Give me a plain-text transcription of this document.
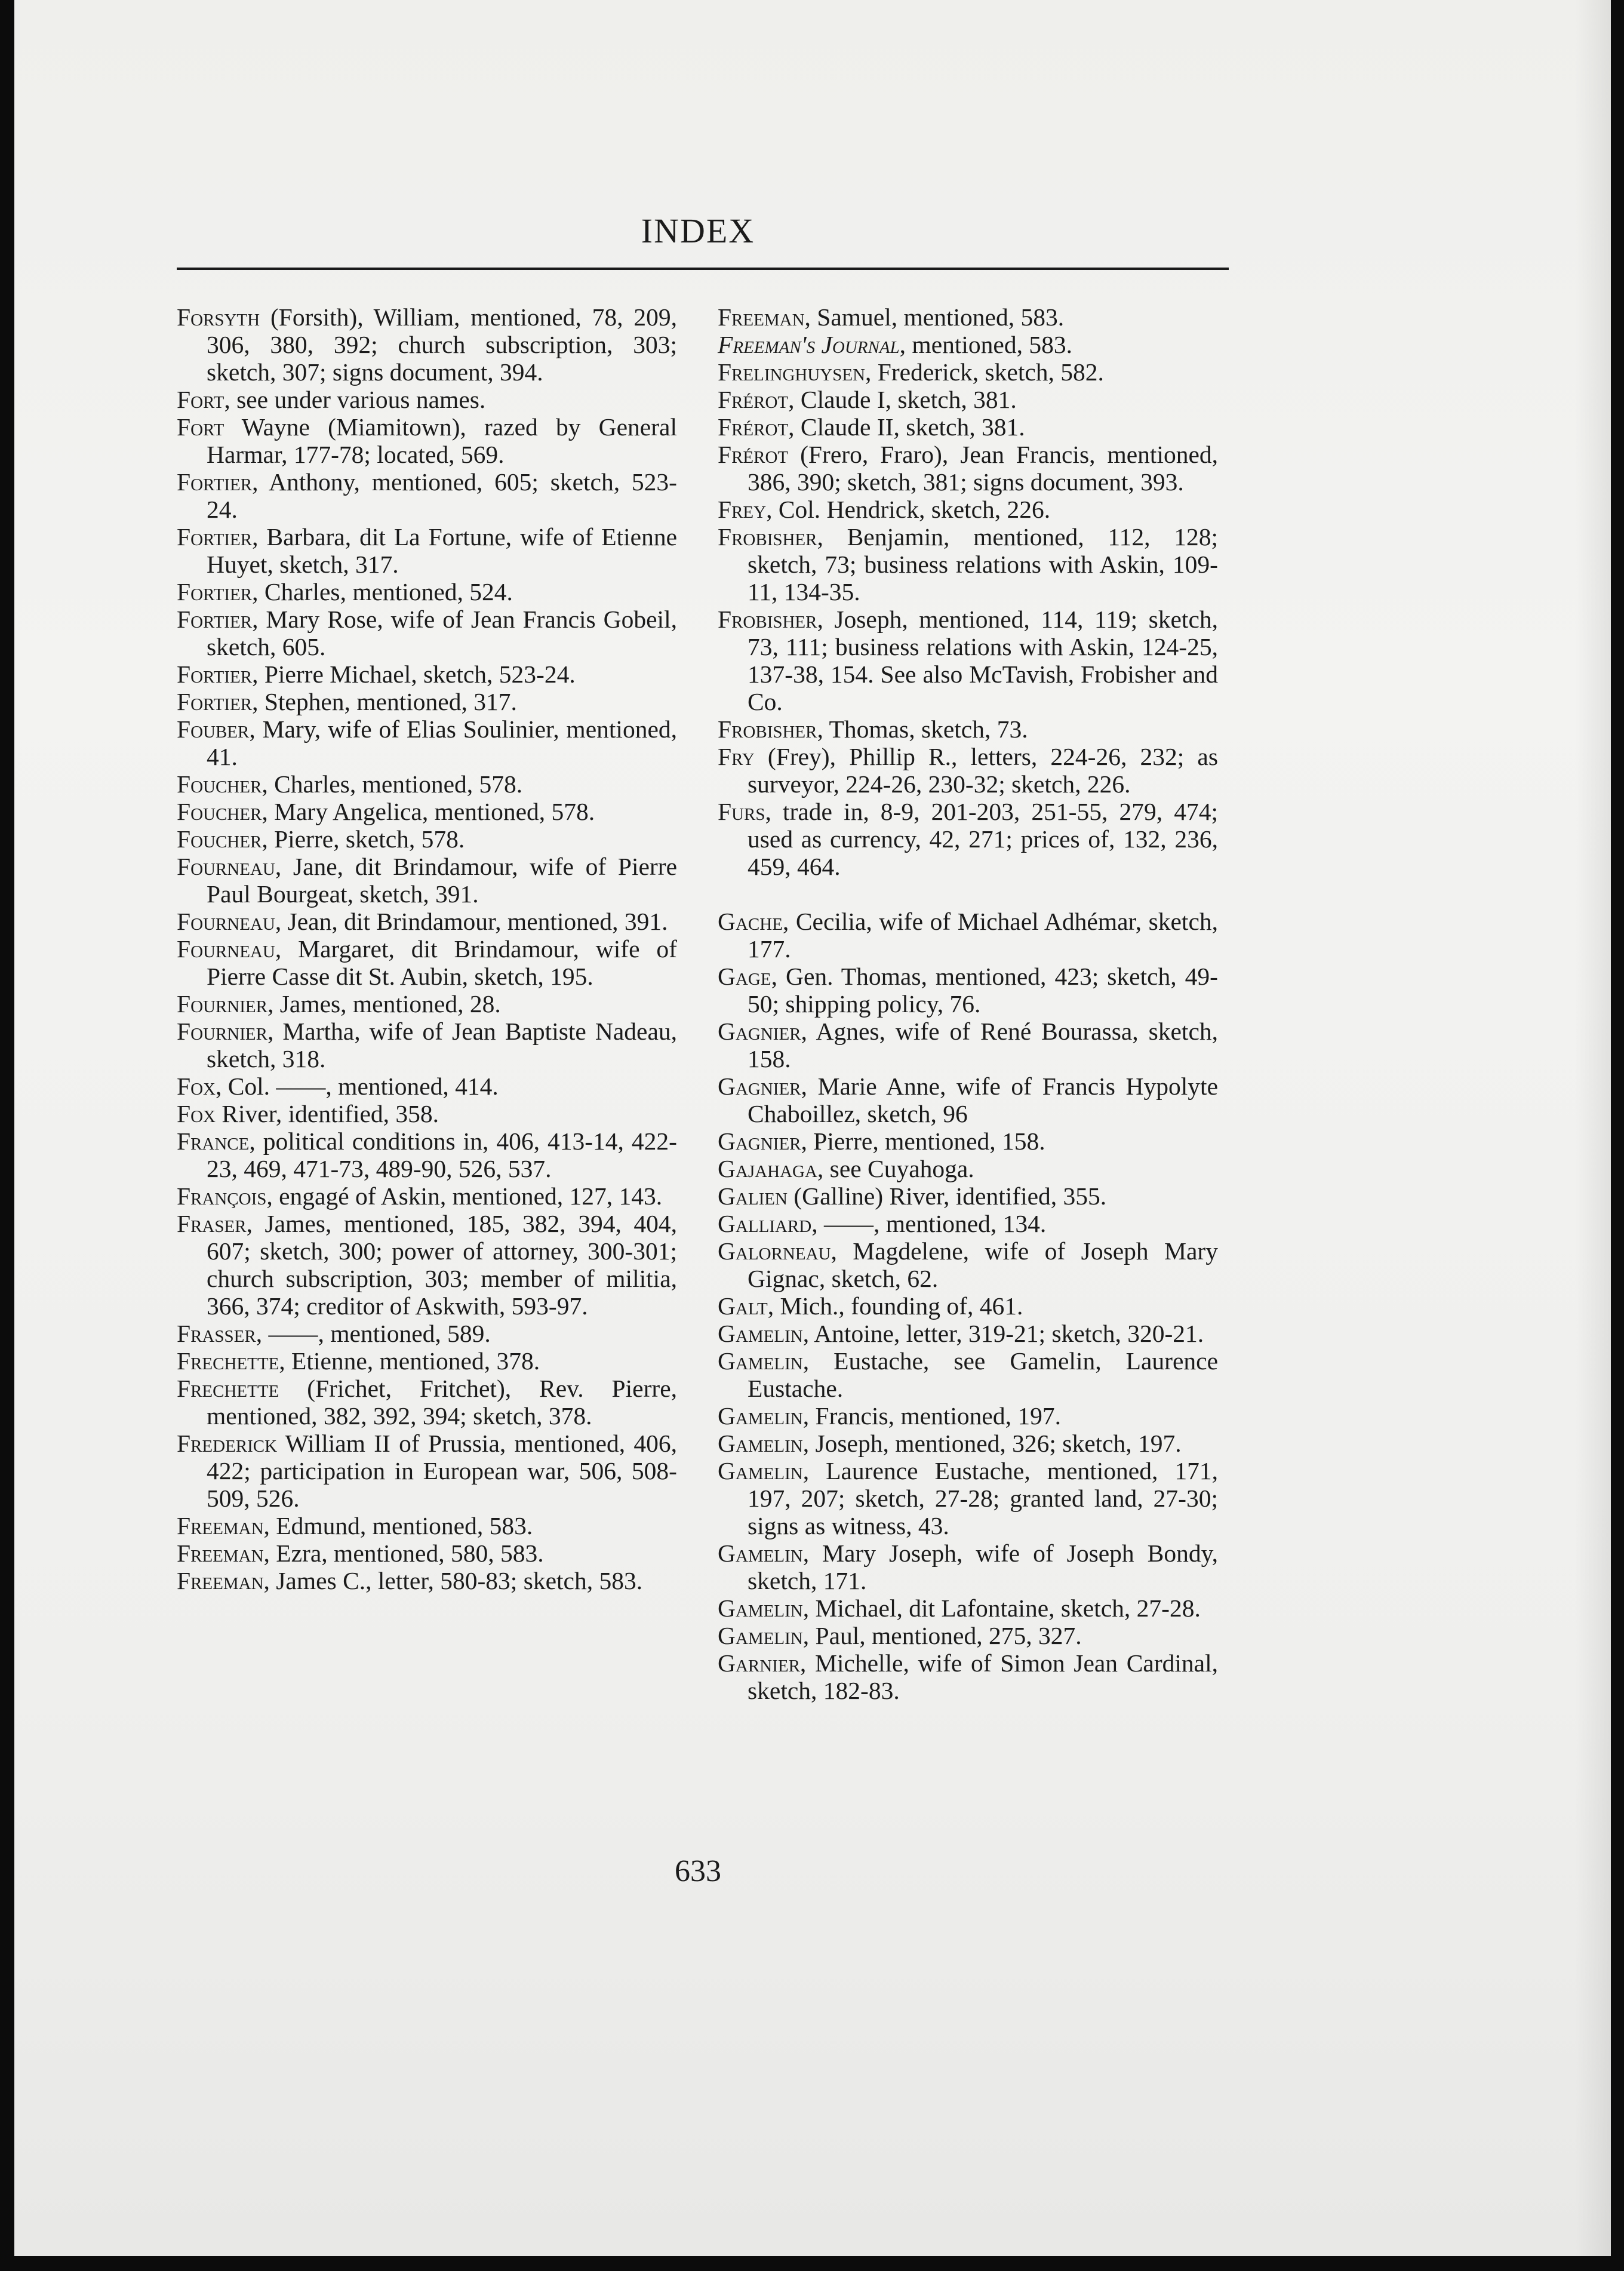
INDEX

Forsyth (Forsith), William, mentioned, 78, 209, 306, 380, 392; church subscription, 303; sketch, 307; signs document, 394.

Fort, see under various names.

Fort Wayne (Miamitown), razed by General Harmar, 177-78; located, 569.

Fortier, Anthony, mentioned, 605; sketch, 523-24.

Fortier, Barbara, dit La Fortune, wife of Etienne Huyet, sketch, 317.

Fortier, Charles, mentioned, 524.

Fortier, Mary Rose, wife of Jean Francis Gobeil, sketch, 605.

Fortier, Pierre Michael, sketch, 523-24.

Fortier, Stephen, mentioned, 317.

Fouber, Mary, wife of Elias Soulinier, mentioned, 41.

Foucher, Charles, mentioned, 578.

Foucher, Mary Angelica, mentioned, 578.

Foucher, Pierre, sketch, 578.

Fourneau, Jane, dit Brindamour, wife of Pierre Paul Bourgeat, sketch, 391.

Fourneau, Jean, dit Brindamour, mentioned, 391.

Fourneau, Margaret, dit Brindamour, wife of Pierre Casse dit St. Aubin, sketch, 195.

Fournier, James, mentioned, 28.

Fournier, Martha, wife of Jean Baptiste Nadeau, sketch, 318.

Fox, Col. ——, mentioned, 414.

Fox River, identified, 358.

France, political conditions in, 406, 413-14, 422-23, 469, 471-73, 489-90, 526, 537.

François, engagé of Askin, mentioned, 127, 143.

Fraser, James, mentioned, 185, 382, 394, 404, 607; sketch, 300; power of attorney, 300-301; church subscription, 303; member of militia, 366, 374; creditor of Askwith, 593-97.

Frasser, ——, mentioned, 589.

Frechette, Etienne, mentioned, 378.

Frechette (Frichet, Fritchet), Rev. Pierre, mentioned, 382, 392, 394; sketch, 378.

Frederick William II of Prussia, mentioned, 406, 422; participation in European war, 506, 508-509, 526.

Freeman, Edmund, mentioned, 583.

Freeman, Ezra, mentioned, 580, 583.

Freeman, James C., letter, 580-83; sketch, 583.

Freeman, Samuel, mentioned, 583.

Freeman's Journal, mentioned, 583.

Frelinghuysen, Frederick, sketch, 582.

Frérot, Claude I, sketch, 381.

Frérot, Claude II, sketch, 381.

Frérot (Frero, Fraro), Jean Francis, mentioned, 386, 390; sketch, 381; signs document, 393.

Frey, Col. Hendrick, sketch, 226.

Frobisher, Benjamin, mentioned, 112, 128; sketch, 73; business relations with Askin, 109-11, 134-35.

Frobisher, Joseph, mentioned, 114, 119; sketch, 73, 111; business relations with Askin, 124-25, 137-38, 154. See also McTavish, Frobisher and Co.

Frobisher, Thomas, sketch, 73.

Fry (Frey), Phillip R., letters, 224-26, 232; as surveyor, 224-26, 230-32; sketch, 226.

Furs, trade in, 8-9, 201-203, 251-55, 279, 474; used as currency, 42, 271; prices of, 132, 236, 459, 464.

Gache, Cecilia, wife of Michael Adhémar, sketch, 177.

Gage, Gen. Thomas, mentioned, 423; sketch, 49-50; shipping policy, 76.

Gagnier, Agnes, wife of René Bourassa, sketch, 158.

Gagnier, Marie Anne, wife of Francis Hypolyte Chaboillez, sketch, 96

Gagnier, Pierre, mentioned, 158.

Gajahaga, see Cuyahoga.

Galien (Galline) River, identified, 355.

Galliard, ——, mentioned, 134.

Galorneau, Magdelene, wife of Joseph Mary Gignac, sketch, 62.

Galt, Mich., founding of, 461.

Gamelin, Antoine, letter, 319-21; sketch, 320-21.

Gamelin, Eustache, see Gamelin, Laurence Eustache.

Gamelin, Francis, mentioned, 197.

Gamelin, Joseph, mentioned, 326; sketch, 197.

Gamelin, Laurence Eustache, mentioned, 171, 197, 207; sketch, 27-28; granted land, 27-30; signs as witness, 43.

Gamelin, Mary Joseph, wife of Joseph Bondy, sketch, 171.

Gamelin, Michael, dit Lafontaine, sketch, 27-28.

Gamelin, Paul, mentioned, 275, 327.

Garnier, Michelle, wife of Simon Jean Cardinal, sketch, 182-83.

633
